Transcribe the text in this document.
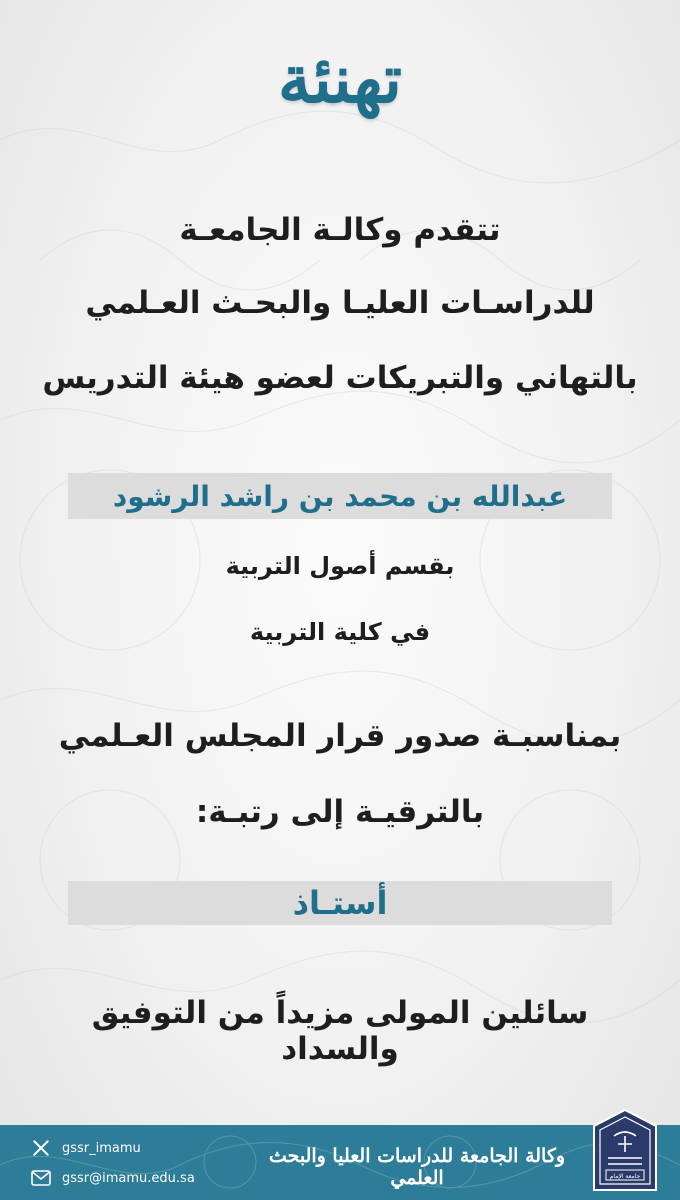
تهنئة
تتقدم وكالـة الجامعـة
للدراسـات العليـا والبحـث العـلمي
بالتهاني والتبريكات لعضو هيئة التدريس
عبدالله بن محمد بن راشد الرشود
بقسم أصول التربية
في كلية التربية
بمناسبـة صدور قرار المجلس العـلمي
بالترقيـة إلى رتبـة:
أستـاذ
سائلين المولى مزيداً من التوفيق والسداد
gssr_imamu
gssr@imamu.edu.sa
وكالة الجامعة للدراسات العليا والبحث العلمي	جامعة الإمام
